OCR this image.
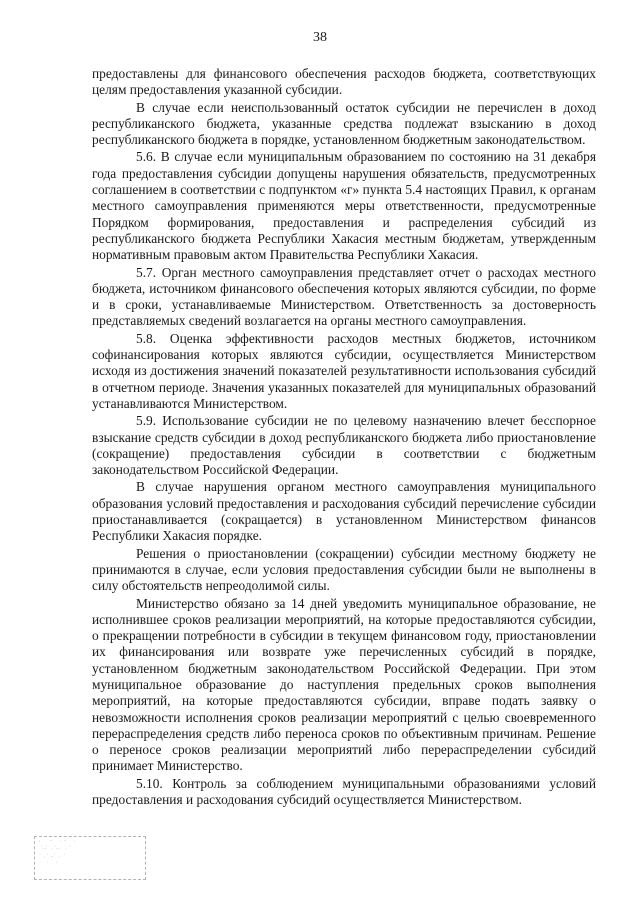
38

предоставлены для финансового обеспечения расходов бюджета, соответствующих целям предоставления указанной субсидии.

В случае если неиспользованный остаток субсидии не перечислен в доход республиканского бюджета, указанные средства подлежат взысканию в доход республиканского бюджета в порядке, установленном бюджетным законодательством.

5.6. В случае если муниципальным образованием по состоянию на 31 декабря года предоставления субсидии допущены нарушения обязательств, предусмотренных соглашением в соответствии с подпунктом «г» пункта 5.4 настоящих Правил, к органам местного самоуправления применяются меры ответственности, предусмотренные Порядком формирования, предоставления и распределения субсидий из республиканского бюджета Республики Хакасия местным бюджетам, утвержденным нормативным правовым актом Правительства Республики Хакасия.

5.7. Орган местного самоуправления представляет отчет о расходах местного бюджета, источником финансового обеспечения которых являются субсидии, по форме и в сроки, устанавливаемые Министерством. Ответственность за достоверность представляемых сведений возлагается на органы местного самоуправления.

5.8. Оценка эффективности расходов местных бюджетов, источником софинансирования которых являются субсидии, осуществляется Министерством исходя из достижения значений показателей результативности использования субсидий в отчетном периоде. Значения указанных показателей для муниципальных образований устанавливаются Министерством.

5.9. Использование субсидии не по целевому назначению влечет бесспорное взыскание средств субсидии в доход республиканского бюджета либо приостановление (сокращение) предоставления субсидии в соответствии с бюджетным законодательством Российской Федерации.

В случае нарушения органом местного самоуправления муниципального образования условий предоставления и расходования субсидий перечисление субсидии приостанавливается (сокращается) в установленном Министерством финансов Республики Хакасия порядке.

Решения о приостановлении (сокращении) субсидии местному бюджету не принимаются в случае, если условия предоставления субсидии были не выполнены в силу обстоятельств непреодолимой силы.

Министерство обязано за 14 дней уведомить муниципальное образование, не исполнившее сроков реализации мероприятий, на которые предоставляются субсидии, о прекращении потребности в субсидии в текущем финансовом году, приостановлении их финансирования или возврате уже перечисленных субсидий в порядке, установленном бюджетным законодательством Российской Федерации. При этом муниципальное образование до наступления предельных сроков выполнения мероприятий, на которые предоставляются субсидии, вправе подать заявку о невозможности исполнения сроков реализации мероприятий с целью своевременного перераспределения средств либо переноса сроков по объективным причинам. Решение о переносе сроков реализации мероприятий либо перераспределении субсидий принимает Министерство.

5.10. Контроль за соблюдением муниципальными образованиями условий предоставления и расходования субсидий осуществляется Министерством.

ʼˌ ˌ ˋ ˌ ˈ ˋ ˌ ˈ
ˌˈˋˌ ˈˌˋˈ ˌˈ
ˌ ˈˌ ˋ ˌˈ
